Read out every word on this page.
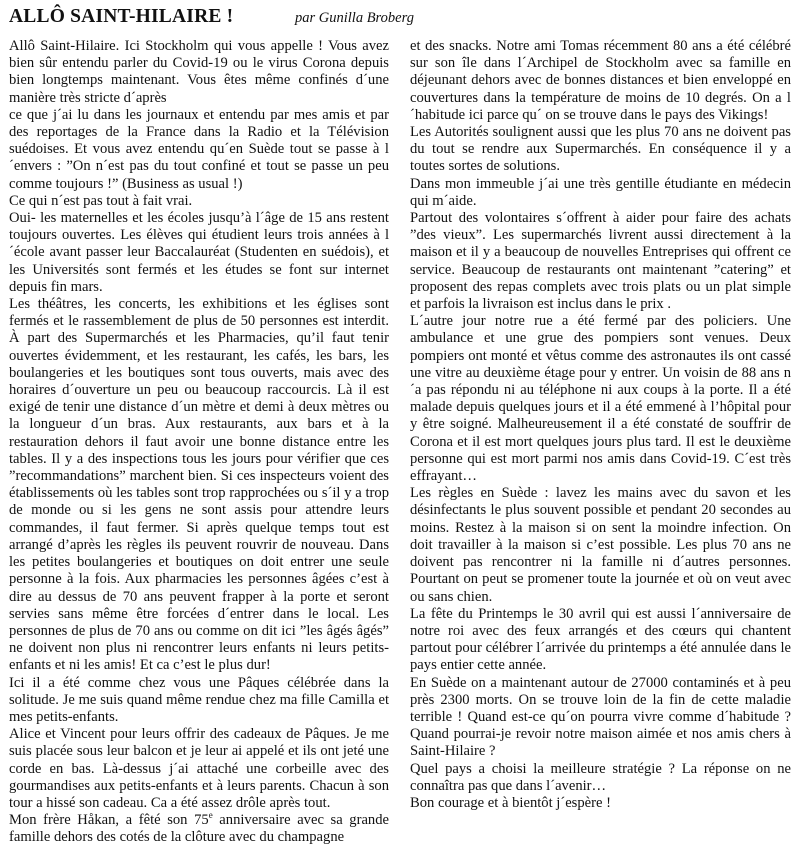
ALLÔ SAINT-HILAIRE !	par Gunilla Broberg

Allô Saint-Hilaire. Ici Stockholm qui vous appelle ! Vous avez bien sûr entendu parler du Covid-19 ou le virus Corona depuis bien longtemps maintenant. Vous êtes même confinés d´une manière très stricte d´après

ce que j´ai lu dans les journaux et entendu par mes amis et par des reportages de la France dans la Radio et la Télévision suédoises. Et vous avez entendu qu´en Suède tout se passe à l´envers : ”On n´est pas du tout confiné et tout se passe un peu comme toujours !” (Business as usual !)

Ce qui n´est pas tout à fait vrai.

Oui- les maternelles et les écoles jusqu’à l´âge de 15 ans restent toujours ouvertes. Les élèves qui étudient leurs trois années à l´école avant passer leur Baccalauréat (Studenten en suédois), et les Universités sont fermés et les études se font sur internet depuis fin mars.

Les théâtres, les concerts, les exhibitions et les églises sont fermés et le rassemblement de plus de 50 personnes est interdit. À part des Supermarchés et les Pharmacies, qu’il faut tenir ouvertes évidemment, et les restaurant, les cafés, les bars, les boulangeries et les boutiques sont tous ouverts, mais avec des horaires d´ouverture un peu ou beaucoup raccourcis. Là il est exigé de tenir une distance d´un mètre et demi à deux mètres ou la longueur d´un bras. Aux restaurants, aux bars et à la restauration dehors il faut avoir une bonne distance entre les tables. Il y a des inspections tous les jours pour vérifier que ces ”recommandations” marchent bien. Si ces inspecteurs voient des établissements où les tables sont trop rapprochées ou s´il y a trop de monde ou si les gens ne sont assis pour attendre leurs commandes, il faut fermer. Si après quelque temps tout est arrangé d’après les règles ils peuvent rouvrir de nouveau. Dans les petites boulangeries et boutiques on doit entrer une seule personne à la fois. Aux pharmacies les personnes âgées c’est à dire au dessus de 70 ans peuvent frapper à la porte et seront servies sans même être forcées d´entrer dans le local. Les personnes de plus de 70 ans ou comme on dit ici ”les âgés âgés” ne doivent non plus ni rencontrer leurs enfants ni leurs petits-enfants et ni les amis! Et ca c’est le plus dur!

Ici il a été comme chez vous une Pâques célébrée dans la solitude. Je me suis quand même rendue chez ma fille Camilla et mes petits-enfants.

Alice et Vincent pour leurs offrir des cadeaux de Pâques. Je me suis placée sous leur balcon et je leur ai appelé et ils ont jeté une corde en bas. Là-dessus j´ai attaché une corbeille avec des gourmandises aux petits-enfants et à leurs parents. Chacun à son tour a hissé son cadeau. Ca a été assez drôle après tout.

Mon frère Håkan, a fêté son 75e anniversaire avec sa grande famille dehors des cotés de la clôture avec du champagne

et des snacks. Notre ami Tomas récemment 80 ans a été célébré sur son île dans l´Archipel de Stockholm avec sa famille en déjeunant dehors avec de bonnes distances et bien enveloppé en couvertures dans la température de moins de 10 degrés. On a l´habitude ici parce qu´ on se trouve dans le pays des Vikings!

Les Autorités soulignent aussi que les plus 70 ans ne doivent pas du tout se rendre aux Supermarchés. En conséquence il y a toutes sortes de solutions.

Dans mon immeuble j´ai une très gentille étudiante en médecin qui m´aide.

Partout des volontaires s´offrent à aider pour faire des achats ”des vieux”. Les supermarchés livrent aussi directement à la maison et il y a beaucoup de nouvelles Entreprises qui offrent ce service. Beaucoup de restaurants ont maintenant ”catering” et proposent des repas complets avec trois plats ou un plat simple et parfois la livraison est inclus dans le prix .

L´autre jour notre rue a été fermé par des policiers. Une ambulance et une grue des pompiers sont venues. Deux pompiers ont monté et vêtus comme des astronautes ils ont cassé une vitre au deuxième étage pour y entrer. Un voisin de 88 ans n´a pas répondu ni au téléphone ni aux coups à la porte. Il a été malade depuis quelques jours et il a été emmené à l’hôpital pour y être soigné. Malheureusement il a été constaté de souffrir de Corona et il est mort quelques jours plus tard. Il est le deuxième personne qui est mort parmi nos amis dans Covid-19. C´est très effrayant…

Les règles en Suède : lavez les mains avec du savon et les désinfectants le plus souvent possible et pendant 20 secondes au moins. Restez à la maison si on sent la moindre infection. On doit travailler à la maison si c’est possible. Les plus 70 ans ne doivent pas rencontrer ni la famille ni d´autres personnes. Pourtant on peut se promener toute la journée et où on veut avec ou sans chien.

La fête du Printemps le 30 avril qui est aussi l´anniversaire de notre roi avec des feux arrangés et des cœurs qui chantent partout pour célébrer l´arrivée du printemps a été annulée dans le pays entier cette année.

En Suède on a maintenant autour de 27000 contaminés et à peu près 2300 morts. On se trouve loin de la fin de cette maladie terrible ! Quand est-ce qu´on pourra vivre comme d´habitude ? Quand pourrai-je revoir notre maison aimée et nos amis chers à Saint-Hilaire ?

Quel pays a choisi la meilleure stratégie ? La réponse on ne connaîtra pas que dans l´avenir…

Bon courage et à bientôt j´espère !
